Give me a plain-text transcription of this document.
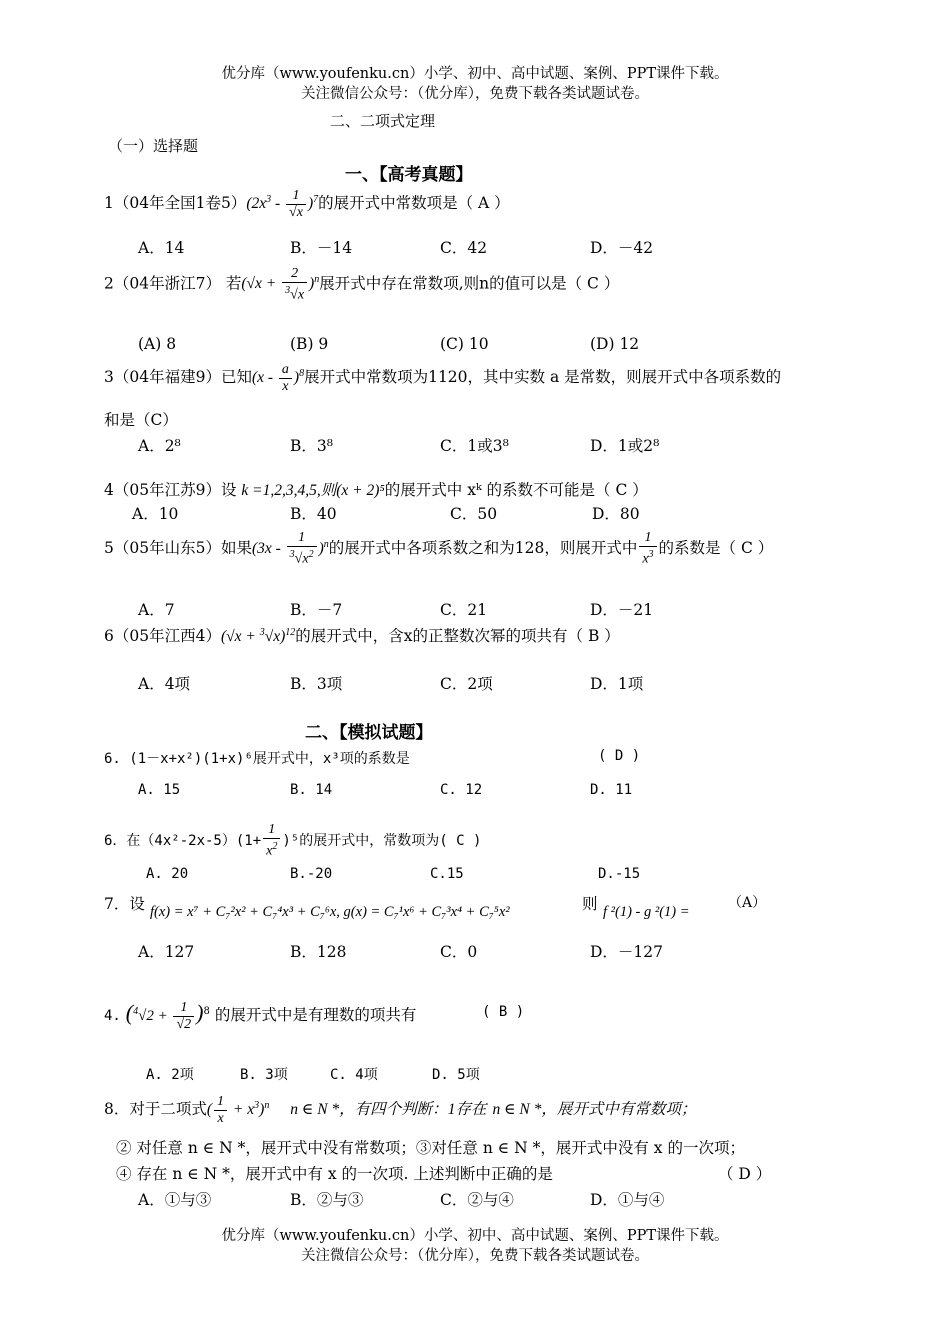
优分库（www.youfenku.cn）小学、初中、高中试题、案例、PPT课件下载。
关注微信公众号：（优分库），免费下载各类试题试卷。
二、二项式定理
（一）选择题
一、【高考真题】
1（04年全国1卷$5)(2x^3 - \frac{1}{√x} )^7$的展开式中常数项是（ A ）
A．14	B．－14	C．42	D．－42
2（04年浙江7） 若$(√x + \frac{2}{^3√x} )^n$展开式中存在常数项,则n的值可以是（ C ）
(A) 8	(B) 9	(C) 10	(D) 12
3（04年福建9）已知$(x - \frac{a}{x} )^8$展开式中常数项为1120，其中实数 a 是常数，则展开式中各项系数的
和是（C）
A．2⁸	B．3⁸	C．1或3⁸	D．1或2⁸
4（05年江苏9）设 k =1,2,3,4,5,则(x + 2)⁵的展开式中 xᵏ 的系数不可能是（ C ）
A．10	B．40	C．50	D．80
5（05年山东5）如果$(3x - \frac{1}{^3√x^2} )^n$的展开式中各项系数之和为128，则展开式中 $\frac{1}{x^3}$ 的系数是（ C ）
A．7	B．－7	C．21	D．－21
6（05年江西$4)(√x + ^3√x)^{12}$的展开式中，含x的正整数次幂的项共有（ B ）
A．4项	B．3项	C．2项	D．1项
二、【模拟试题】
6. (1－x+x²)(1+x)⁶展开式中，x³项的系数是	( D )
A. 15	B. 14	C. 12	D. 11
6．在$(4x^2-2x-5)(1+ \frac{1}{x^2} )^5$的展开式中，常数项为( C )
A. 20	B.-20	C.15	D.-15
7．设 f(x) = x⁷ + C₇²x² + C₇⁴x³ + C₇⁶x, g(x) = C₇¹x⁶ + C₇³x⁴ + C₇⁵x²	则 f ²(1) - g ²(1) =
（A）
A．127	B．128	C．0	D．－127
4. $(^4√2 + \frac{1}{√2} )^8$ 的展开式中是有理数的项共有	( B )
A. 2项	B. 3项	C. 4项	D. 5项
8．对于二项式( $\frac{1}{x} + x^3)^n$ n ∈ N *，有四个判断：1存在 n ∈ N *，展开式中有常数项；
② 对任意 n ∈ N *，展开式中没有常数项；③对任意 n ∈ N *，展开式中没有 x 的一次项；
④ 存在 n ∈ N *，展开式中有 x 的一次项. 上述判断中正确的是	（ D ）
A．①与③	B．②与③	C．②与④	D．①与④
优分库（www.youfenku.cn）小学、初中、高中试题、案例、PPT课件下载。
关注微信公众号：（优分库），免费下载各类试题试卷。
